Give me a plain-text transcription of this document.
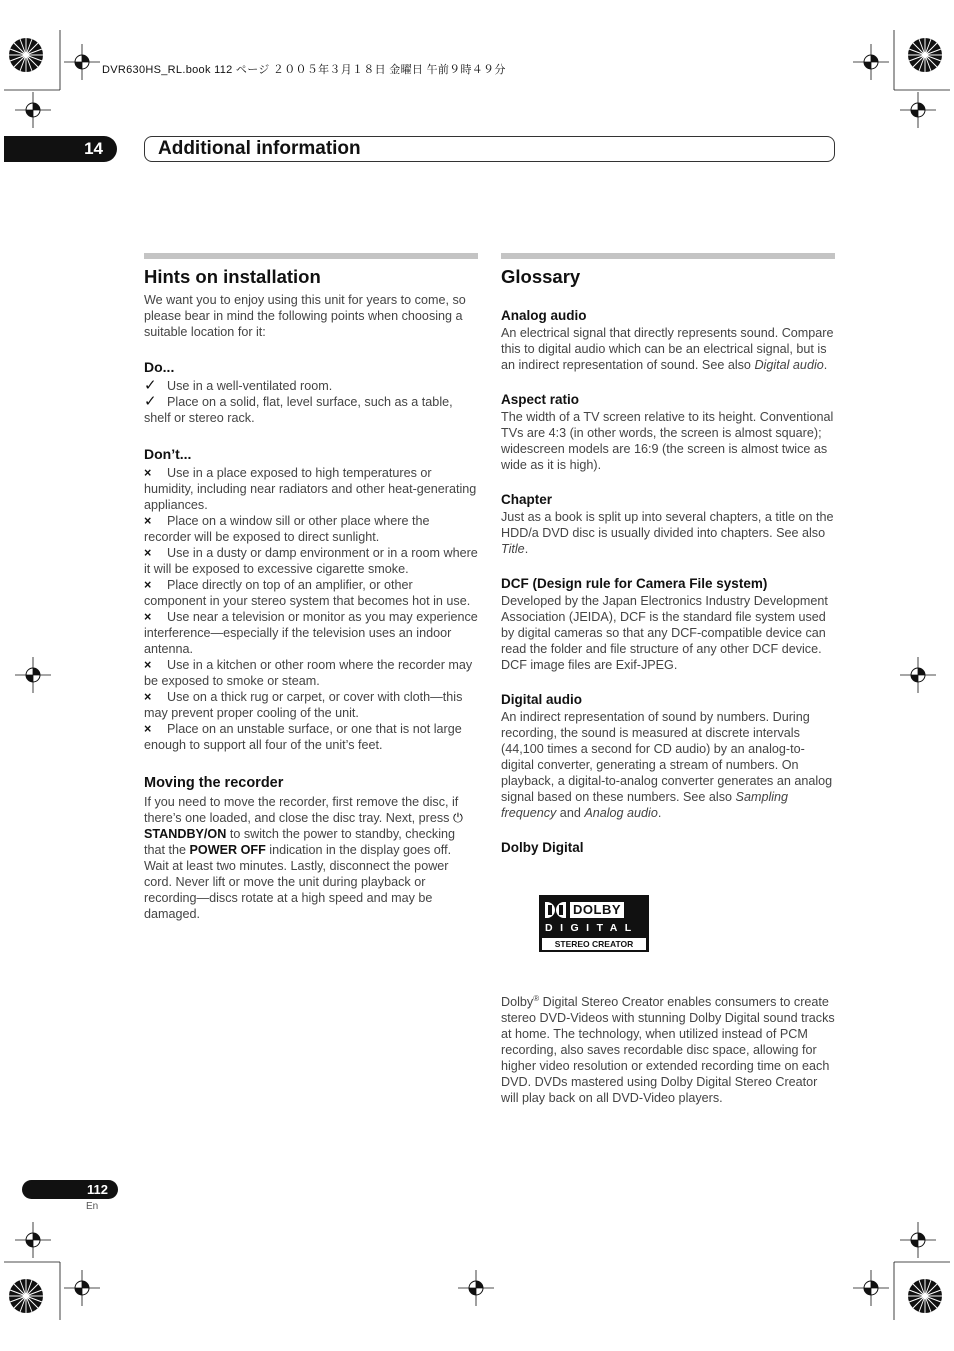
DVR630HS_RL.book 112 ページ ２００５年３月１８日 金曜日 午前９時４９分
14	Additional information
Hints on installation

We want you to enjoy using this unit for years to come, so please bear in mind the following points when choosing a suitable location for it:

Do...

✓ Use in a well-ventilated room.

✓ Place on a solid, flat, level surface, such as a table, shelf or stereo rack.

Don’t...

× Use in a place exposed to high temperatures or humidity, including near radiators and other heat-generating appliances.

× Place on a window sill or other place where the recorder will be exposed to direct sunlight.

× Use in a dusty or damp environment or in a room where it will be exposed to excessive cigarette smoke.

× Place directly on top of an amplifier, or other component in your stereo system that becomes hot in use.

× Use near a television or monitor as you may experience interference—especially if the television uses an indoor antenna.

× Use in a kitchen or other room where the recorder may be exposed to smoke or steam.

× Use on a thick rug or carpet, or cover with cloth—this may prevent proper cooling of the unit.

× Place on an unstable surface, or one that is not large enough to support all four of the unit’s feet.

Moving the recorder

If you need to move the recorder, first remove the disc, if there’s one loaded, and close the disc tray. Next, press ⏻ STANDBY/ON to switch the power to standby, checking that the POWER OFF indication in the display goes off. Wait at least two minutes. Lastly, disconnect the power cord. Never lift or move the unit during playback or recording—discs rotate at a high speed and may be damaged.

Glossary
Analog audio

An electrical signal that directly represents sound. Compare this to digital audio which can be an electrical signal, but is an indirect representation of sound. See also Digital audio.

Aspect ratio

The width of a TV screen relative to its height. Conventional TVs are 4:3 (in other words, the screen is almost square); widescreen models are 16:9 (the screen is almost twice as wide as it is high).

Chapter

Just as a book is split up into several chapters, a title on the HDD/a DVD disc is usually divided into chapters. See also Title.

DCF (Design rule for Camera File system)

Developed by the Japan Electronics Industry Development Association (JEIDA), DCF is the standard file system used by digital cameras so that any DCF-compatible device can read the folder and file structure of any other DCF device. DCF image files are Exif-JPEG.

Digital audio

An indirect representation of sound by numbers. During recording, the sound is measured at discrete intervals (44,100 times a second for CD audio) by an analog-to-digital converter, generating a stream of numbers. On playback, a digital-to-analog converter generates an analog signal based on these numbers. See also Sampling frequency and Analog audio.

Dolby Digital
DOLBY
DIGITAL
STEREO CREATOR

Dolby® Digital Stereo Creator enables consumers to create stereo DVD-Videos with stunning Dolby Digital sound tracks at home. The technology, when utilized instead of PCM recording, also saves recordable disc space, allowing for higher video resolution or extended recording time on each DVD. DVDs mastered using Dolby Digital Stereo Creator will play back on all DVD-Video players.

112
En
